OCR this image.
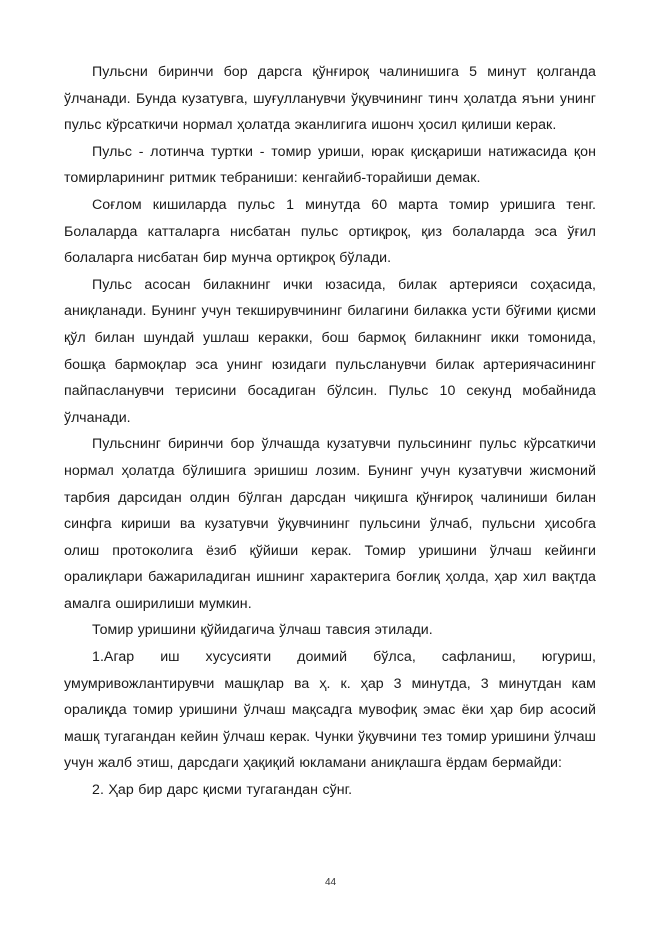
Пульсни биринчи бор дарсга қўнғироқ чалинишига 5 минут қолганда ўлчанади. Бунда кузатувга, шуғулланувчи ўқувчининг тинч ҳолатда яъни унинг пульс кўрсаткичи нормал ҳолатда эканлигига ишонч ҳосил қилиши керак.

Пульс - лотинча туртки - томир уриши, юрак қисқариши натижасида қон томирларининг ритмик тебраниши: кенгайиб-торайиши демак.

Соғлом кишиларда пульс 1 минутда 60 марта томир уришига тенг. Болаларда катталарга нисбатан пульс ортиқроқ, қиз болаларда эса ўғил болаларга нисбатан бир мунча ортиқроқ бўлади.

Пульс асосан билакнинг ички юзасида, билак артерияси соҳасида, аниқланади. Бунинг учун текширувчининг билагини билакка усти бўғими қисми қўл билан шундай ушлаш керакки, бош бармоқ билакнинг икки томонида, бошқа бармоқлар эса унинг юзидаги пульсланувчи билак артериячасининг пайпасланувчи терисини босадиган бўлсин. Пульс 10 секунд мобайнида ўлчанади.

Пульснинг биринчи бор ўлчашда кузатувчи пульсининг пульс кўрсаткичи нормал ҳолатда бўлишига эришиш лозим. Бунинг учун кузатувчи жисмоний тарбия дарсидан олдин бўлган дарсдан чиқишга қўнғироқ чалиниши билан синфга кириши ва кузатувчи ўқувчининг пульсини ўлчаб, пульсни ҳисобга олиш протоколига ёзиб қўйиши керак. Томир уришини ўлчаш кейинги оралиқлари бажариладиган ишнинг характерига боғлиқ ҳолда, ҳар хил вақтда амалга оширилиши мумкин.

Томир уришини қўйидагича ўлчаш тавсия этилади.

1.Агар иш хусусияти доимий бўлса, сафланиш, югуриш, умумривожлантирувчи машқлар ва ҳ. к. ҳар 3 минутда, 3 минутдан кам оралиқда томир уришини ўлчаш мақсадга мувофиқ эмас ёки ҳар бир асосий машқ тугагандан кейин ўлчаш керак. Чунки ўқувчини тез томир уришини ўлчаш учун жалб этиш, дарсдаги ҳақиқий юкламани аниқлашга ёрдам бермайди:

2. Ҳар бир дарс қисми тугагандан сўнг.

44
